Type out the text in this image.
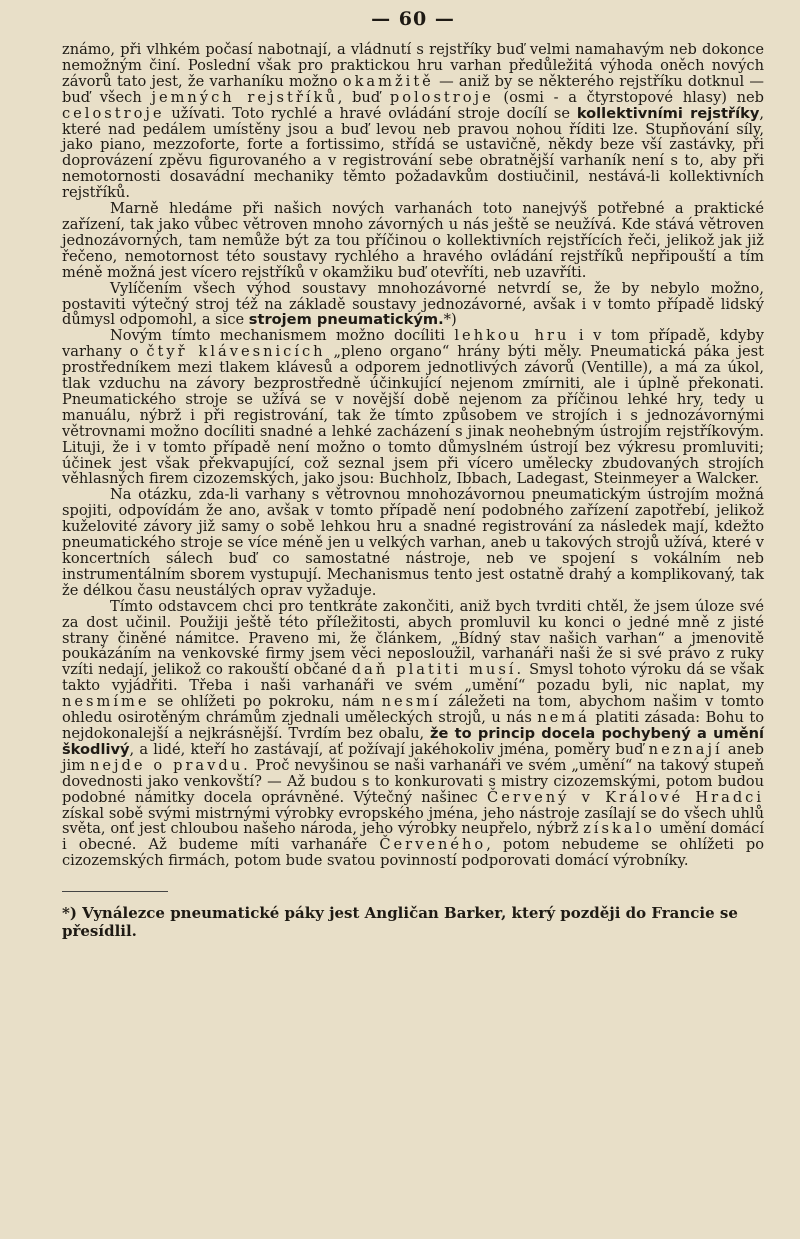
— 60 —

známo, při vlhkém počasí nabotnají, a vládnutí s rejstříky buď velmi namahavým neb dokonce nemožným činí. Poslední však pro praktickou hru varhan předůležitá výhoda oněch nových závorů tato jest, že varhaníku možno okamžitě — aniž by se některého rejstříku dotknul — buď všech jemných rejstříků, buď polostroje (osmi - a čtyrstopové hlasy) neb celostroje užívati. Toto rychlé a hravé ovládání stroje docílí se kollektivními rejstříky, které nad pedálem umístěny jsou a buď levou neb pravou nohou říditi lze. Stupňování síly, jako piano, mezzoforte, forte a fortissimo, střídá se ustavičně, někdy beze vší zastávky, při doprovázení zpěvu figurovaného a v registrování sebe obratnější varhaník není s to, aby při nemotornosti dosavádní mechaniky těmto požadavkům dostiučinil, nestává-li kollektivních rejstříků.

Marně hledáme při našich nových varhanách toto nanejvýš potřebné a praktické zařízení, tak jako vůbec větroven mnoho závorných u nás ještě se neužívá. Kde stává větroven jednozávorných, tam nemůže být za tou příčinou o kollektivních rejstřících řeči, jelikož jak již řečeno, nemotornost této soustavy rychlého a hravého ovládání rejstříků nepřipouští a tím méně možná jest vícero rejstříků v okamžiku buď otevříti, neb uzavříti.

Vylíčením všech výhod soustavy mnohozávorné netvrdí se, že by nebylo možno, postaviti výtečný stroj též na základě soustavy jednozávorné, avšak i v tomto případě lidský důmysl odpomohl, a sice strojem pneumatickým.*)

Novým tímto mechanismem možno docíliti lehkou hru i v tom případě, kdyby varhany o čtyř klávesnicích „pleno organo“ hrány býti měly. Pneumatická páka jest prostředníkem mezi tlakem klávesů a odporem jednotlivých závorů (Ventille), a má za úkol, tlak vzduchu na závory bezprostředně účinkující nejenom zmírniti, ale i úplně překonati. Pneumatického stroje se užívá se v novější době nejenom za příčinou lehké hry, tedy u manuálu, nýbrž i při registrování, tak že tímto způsobem ve strojích i s jednozávornými větrovnami možno docíliti snadné a lehké zacházení s jinak neohebným ústrojím rejstříkovým. Lituji, že i v tomto případě není možno o tomto důmyslném ústrojí bez výkresu promluviti; účinek jest však překvapující, což seznal jsem při vícero umělecky zbudovaných strojích věhlasných firem cizozemských, jako jsou: Buchholz, Ibbach, Ladegast, Steinmeyer a Walcker.

Na otázku, zda-li varhany s větrovnou mnohozávornou pneumatickým ústrojím možná spojiti, odpovídám že ano, avšak v tomto případě není podobného zařízení zapotřebí, jelikož kuželovité závory již samy o sobě lehkou hru a snadné registrování za následek mají, kdežto pneumatického stroje se více méně jen u velkých varhan, aneb u takových strojů užívá, které v koncertních sálech buď co samostatné nástroje, neb ve spojení s vokálním neb instrumentálním sborem vystupují. Mechanismus tento jest ostatně drahý a komplikovaný, tak že délkou času neustálých oprav vyžaduje.

Tímto odstavcem chci pro tentkráte zakončiti, aniž bych tvrditi chtěl, že jsem úloze své za dost učinil. Použiji ještě této příležitosti, abych promluvil ku konci o jedné mně z jisté strany činěné námitce. Praveno mi, že článkem, „Bídný stav našich varhan“ a jmenovitě poukázáním na venkovské firmy jsem věci neposloužil, varhanáři naši že si své právo z ruky vzíti nedají, jelikož co rakouští občané daň platiti musí. Smysl tohoto výroku dá se však takto vyjádřiti. Třeba i naši varhanáři ve svém „umění“ pozadu byli, nic naplat, my nesmíme se ohlížeti po pokroku, nám nesmí záležeti na tom, abychom našim v tomto ohledu osirotěným chrámům zjednali uměleckých strojů, u nás nemá platiti zásada: Bohu to nejdokonalejší a nejkrásnější. Tvrdím bez obalu, že to princip docela pochybený a umění škodlivý, a lidé, kteří ho zastávají, ať požívají jakéhokoliv jména, poměry buď neznají aneb jim nejde o pravdu. Proč nevyšinou se naši varhanáři ve svém „umění“ na takový stupeň dovednosti jako venkovští? — Až budou s to konkurovati s mistry cizozemskými, potom budou podobné námitky docela oprávněné. Výtečný našinec Červený v Králové Hradci získal sobě svými mistrnými výrobky evropského jména, jeho nástroje zasílají se do všech uhlů světa, onť jest chloubou našeho národa, jeho výrobky neupřelo, nýbrž získalo umění domácí i obecné. Až budeme míti varhanáře Červeného, potom nebudeme se ohlížeti po cizozemských firmách, potom bude svatou povinností podporovati domácí výrobníky.

*) Vynálezce pneumatické páky jest Angličan Barker, který později do Francie se přesídlil.
